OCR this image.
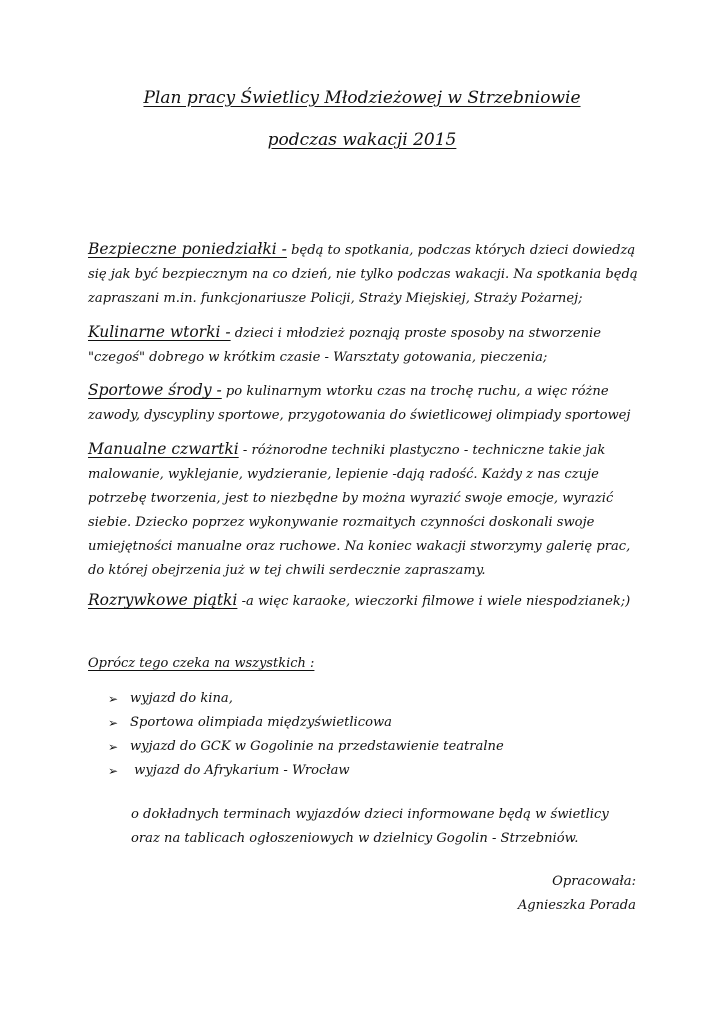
Plan pracy Świetlicy Młodzieżowej w Strzebniowie
podczas wakacji 2015
Bezpieczne poniedziałki - będą to spotkania, podczas których dzieci dowiedzą się jak być bezpiecznym na co dzień, nie tylko podczas wakacji. Na spotkania będą zapraszani m.in. funkcjonariusze Policji, Straży Miejskiej, Straży Pożarnej;
Kulinarne wtorki - dzieci i młodzież poznają proste sposoby na stworzenie "czegoś" dobrego w krótkim czasie - Warsztaty gotowania, pieczenia;
Sportowe środy - po kulinarnym wtorku czas na trochę ruchu, a więc różne zawody, dyscypliny sportowe, przygotowania do świetlicowej olimpiady sportowej
Manualne czwartki - różnorodne techniki plastyczno - techniczne takie jak malowanie, wyklejanie, wydzieranie, lepienie -dają radość. Każdy z nas czuje potrzebę tworzenia, jest to niezbędne by można wyrazić swoje emocje, wyrazić siebie. Dziecko poprzez wykonywanie rozmaitych czynności doskonali swoje umiejętności manualne oraz ruchowe. Na koniec wakacji stworzymy galerię prac, do której obejrzenia już w tej chwili serdecznie zapraszamy.
Rozrywkowe piątki -a więc karaoke, wieczorki filmowe i wiele niespodzianek;)
Oprócz tego czeka na wszystkich :
➢ wyjazd do kina,
➢ Sportowa olimpiada międzyświetlicowa
➢ wyjazd do GCK w Gogolinie na przedstawienie teatralne
➢ wyjazd do Afrykarium - Wrocław
o dokładnych terminach wyjazdów dzieci informowane będą w świetlicy oraz na tablicach ogłoszeniowych w dzielnicy Gogolin - Strzebniów.
Opracowała:
Agnieszka Porada
